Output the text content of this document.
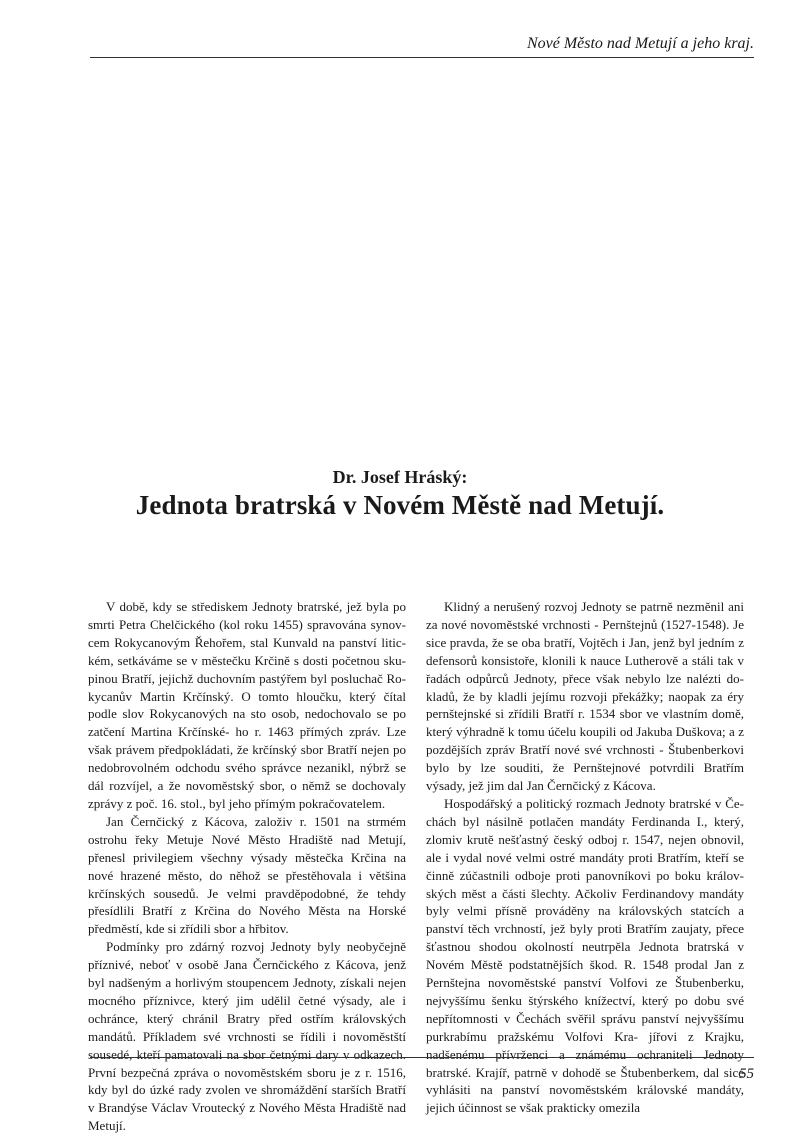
Nové Město nad Metují a jeho kraj.
Dr. Josef Hráský:
Jednota bratrská v Novém Městě nad Metují.

V době, kdy se střediskem Jednoty bratrské, jež byla po smrti Petra Chelčického (kol roku 1455) spravována synovcem Rokycanovým Řehořem, stal Kunvald na panství litickém, setkáváme se v městečku Krčině s dosti početnou skupinou Bratří, jejichž duchovním pastýřem byl posluchač Rokycanův Martin Krčínský. O tomto hloučku, který čítal podle slov Rokycanových na sto osob, nedochovalo se po zatčení Martina Krčínské- ho r. 1463 přímých zpráv. Lze však právem předpokládati, že krčínský sbor Bratří nejen po nedobrovolném odchodu svého správce nezanikl, nýbrž se dál rozvíjel, a že novoměstský sbor, o němž se dochovaly zprávy z poč. 16. stol., byl jeho přímým pokračovatelem.

Jan Černčický z Kácova, založiv r. 1501 na strmém ostrohu řeky Metuje Nové Město Hradiště nad Metují, přenesl privilegiem všechny výsady městečka Krčina na nové hrazené město, do něhož se přestěhovala i většina krčínských sousedů. Je velmi pravděpodobné, že tehdy přesídlili Bratří z Krčina do Nového Města na Horské předměstí, kde si zřídili sbor a hřbitov.

Podmínky pro zdárný rozvoj Jednoty byly neobyčejně příznivé, neboť v osobě Jana Černčického z Kácova, jenž byl nadšeným a horlivým stoupencem Jednoty, získali nejen mocného příznivce, který jim udělil četné výsady, ale i ochránce, který chránil Bratry před ostřím královských mandátů. Příkladem své vrchnosti se řídili i novoměstští sousedé, kteří pamatovali na sbor četnými dary v odkazech. První bezpečná zpráva o novoměstském sboru je z r. 1516, kdy byl do úzké rady zvolen ve shromáždění starších Bratří v Brandýse Václav Vroutecký z Nového Města Hradiště nad Metují.

Klidný a nerušený rozvoj Jednoty se patrně nezměnil ani za nové novoměstské vrchnosti - Pernštejnů (1527-1548). Je sice pravda, že se oba bratří, Vojtěch i Jan, jenž byl jedním z defensorů konsistoře, klonili k nauce Lutherově a stáli tak v řadách odpůrců Jednoty, přece však nebylo lze nalézti dokladů, že by kladli jejímu rozvoji překážky; naopak za éry pernštejnské si zřídili Bratří r. 1534 sbor ve vlastním domě, který výhradně k tomu účelu koupili od Jakuba Duškova; a z pozdějších zpráv Bratří nové své vrchnosti - Štubenberkovi bylo by lze souditi, že Pernštejnové potvrdili Bratřím výsady, jež jim dal Jan Černčický z Kácova.

Hospodářský a politický rozmach Jednoty bratrské v Čechách byl násilně potlačen mandáty Ferdinanda I., který, zlomiv krutě nešťastný český odboj r. 1547, nejen obnovil, ale i vydal nové velmi ostré mandáty proti Bratřím, kteří se činně zúčastnili odboje proti panovníkovi po boku královských měst a části šlechty. Ačkoliv Ferdinandovy mandáty byly velmi přísně prováděny na královských statcích a panství těch vrchností, jež byly proti Bratřím zaujaty, přece šťastnou shodou okolností neutrpěla Jednota bratrská v Novém Městě podstatnějších škod. R. 1548 prodal Jan z Pernštejna novoměstské panství Volfovi ze Štubenberku, nejvyššímu šenku štýrského knížectví, který po dobu své nepřítomnosti v Čechách svěřil správu panství nejvyššímu purkrabímu pražskému Volfovi Kra- jířovi z Krajku, nadšenému přívrženci a známému ochraniteli Jednoty bratrské. Krajíř, patrně v dohodě se Štubenberkem, dal sice vyhlásiti na panství novoměstském královské mandáty, jejich účinnost se však prakticky omezila

55
